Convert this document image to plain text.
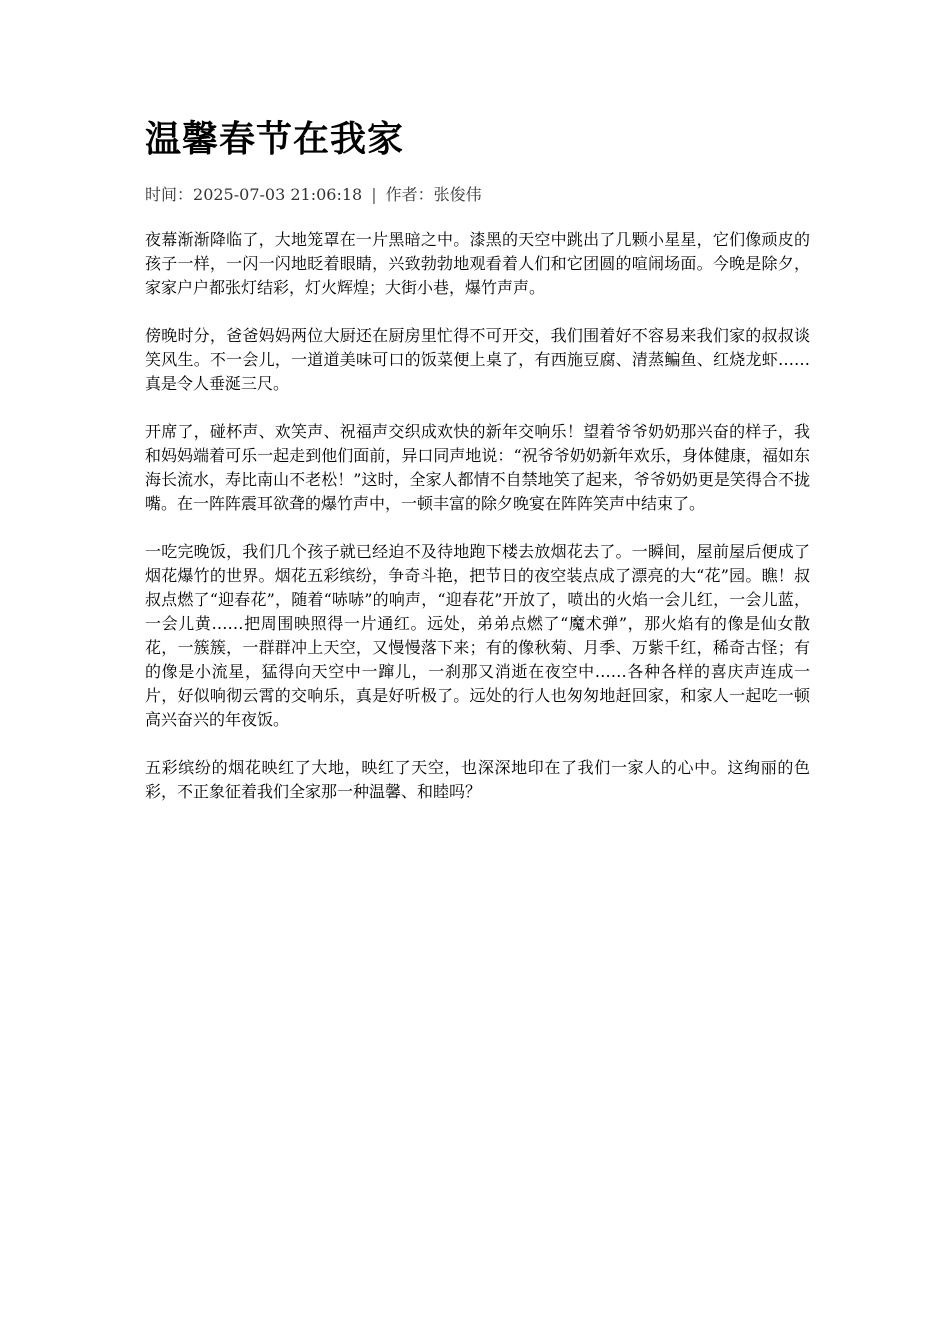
温馨春节在我家
时间：2025-07-03 21:06:18 | 作者：张俊伟

夜幕渐渐降临了，大地笼罩在一片黑暗之中。漆黑的天空中跳出了几颗小星星，它们像顽皮的孩子一样，一闪一闪地眨着眼睛，兴致勃勃地观看着人们和它团圆的喧闹场面。今晚是除夕，家家户户都张灯结彩，灯火辉煌；大街小巷，爆竹声声。

傍晚时分，爸爸妈妈两位大厨还在厨房里忙得不可开交，我们围着好不容易来我们家的叔叔谈笑风生。不一会儿，一道道美味可口的饭菜便上桌了，有西施豆腐、清蒸鳊鱼、红烧龙虾……真是令人垂涎三尺。

开席了，碰杯声、欢笑声、祝福声交织成欢快的新年交响乐！望着爷爷奶奶那兴奋的样子，我和妈妈端着可乐一起走到他们面前，异口同声地说：“祝爷爷奶奶新年欢乐，身体健康，福如东海长流水，寿比南山不老松！”这时，全家人都情不自禁地笑了起来，爷爷奶奶更是笑得合不拢嘴。在一阵阵震耳欲聋的爆竹声中，一顿丰富的除夕晚宴在阵阵笑声中结束了。

一吃完晚饭，我们几个孩子就已经迫不及待地跑下楼去放烟花去了。一瞬间，屋前屋后便成了烟花爆竹的世界。烟花五彩缤纷，争奇斗艳，把节日的夜空装点成了漂亮的大“花”园。瞧！叔叔点燃了“迎春花”，随着“哧哧”的响声，“迎春花”开放了，喷出的火焰一会儿红，一会儿蓝，一会儿黄……把周围映照得一片通红。远处，弟弟点燃了“魔术弹”，那火焰有的像是仙女散花，一簇簇，一群群冲上天空，又慢慢落下来；有的像秋菊、月季、万紫千红，稀奇古怪；有的像是小流星，猛得向天空中一蹿儿，一刹那又消逝在夜空中……各种各样的喜庆声连成一片，好似响彻云霄的交响乐，真是好听极了。远处的行人也匆匆地赶回家，和家人一起吃一顿高兴奋兴的年夜饭。

五彩缤纷的烟花映红了大地，映红了天空，也深深地印在了我们一家人的心中。这绚丽的色彩，不正象征着我们全家那一种温馨、和睦吗？
